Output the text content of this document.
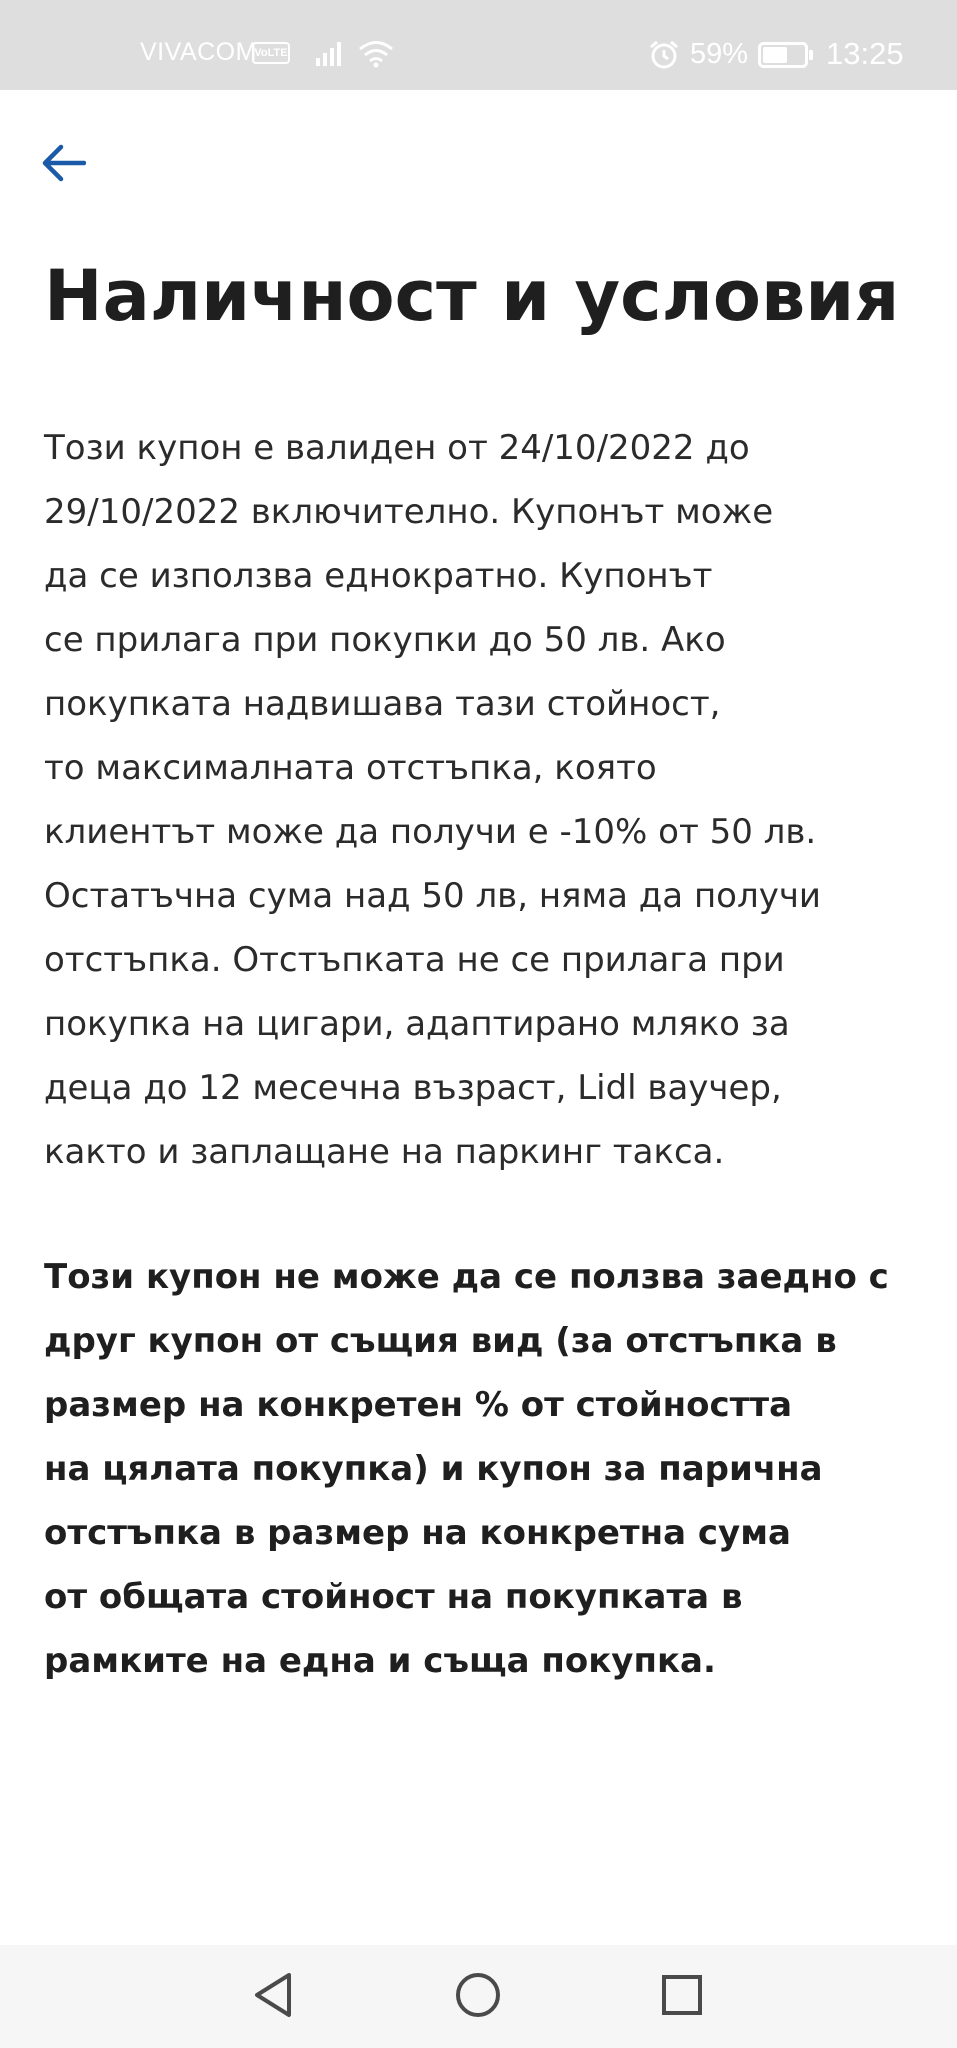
VIVACOM
VoLTE	59%	13:25
Наличност и условия

Този купон е валиден от 24/10/2022 до
29/10/2022 включително. Купонът може
да се използва еднократно. Купонът
се прилага при покупки до 50 лв. Ако
покупката надвишава тази стойност,
то максималната отстъпка, която
клиентът може да получи е -10% от 50 лв.
Остатъчна сума над 50 лв, няма да получи
отстъпка. Отстъпката не се прилага при
покупка на цигари, адаптирано мляко за
деца до 12 месечна възраст, Lidl ваучер,
както и заплащане на паркинг такса.

Този купон не може да се ползва заедно с
друг купон от същия вид (за отстъпка в
размер на конкретен % от стойността
на цялата покупка) и купон за парична
отстъпка в размер на конкретна сума
от общата стойност на покупката в
рамките на една и съща покупка.
